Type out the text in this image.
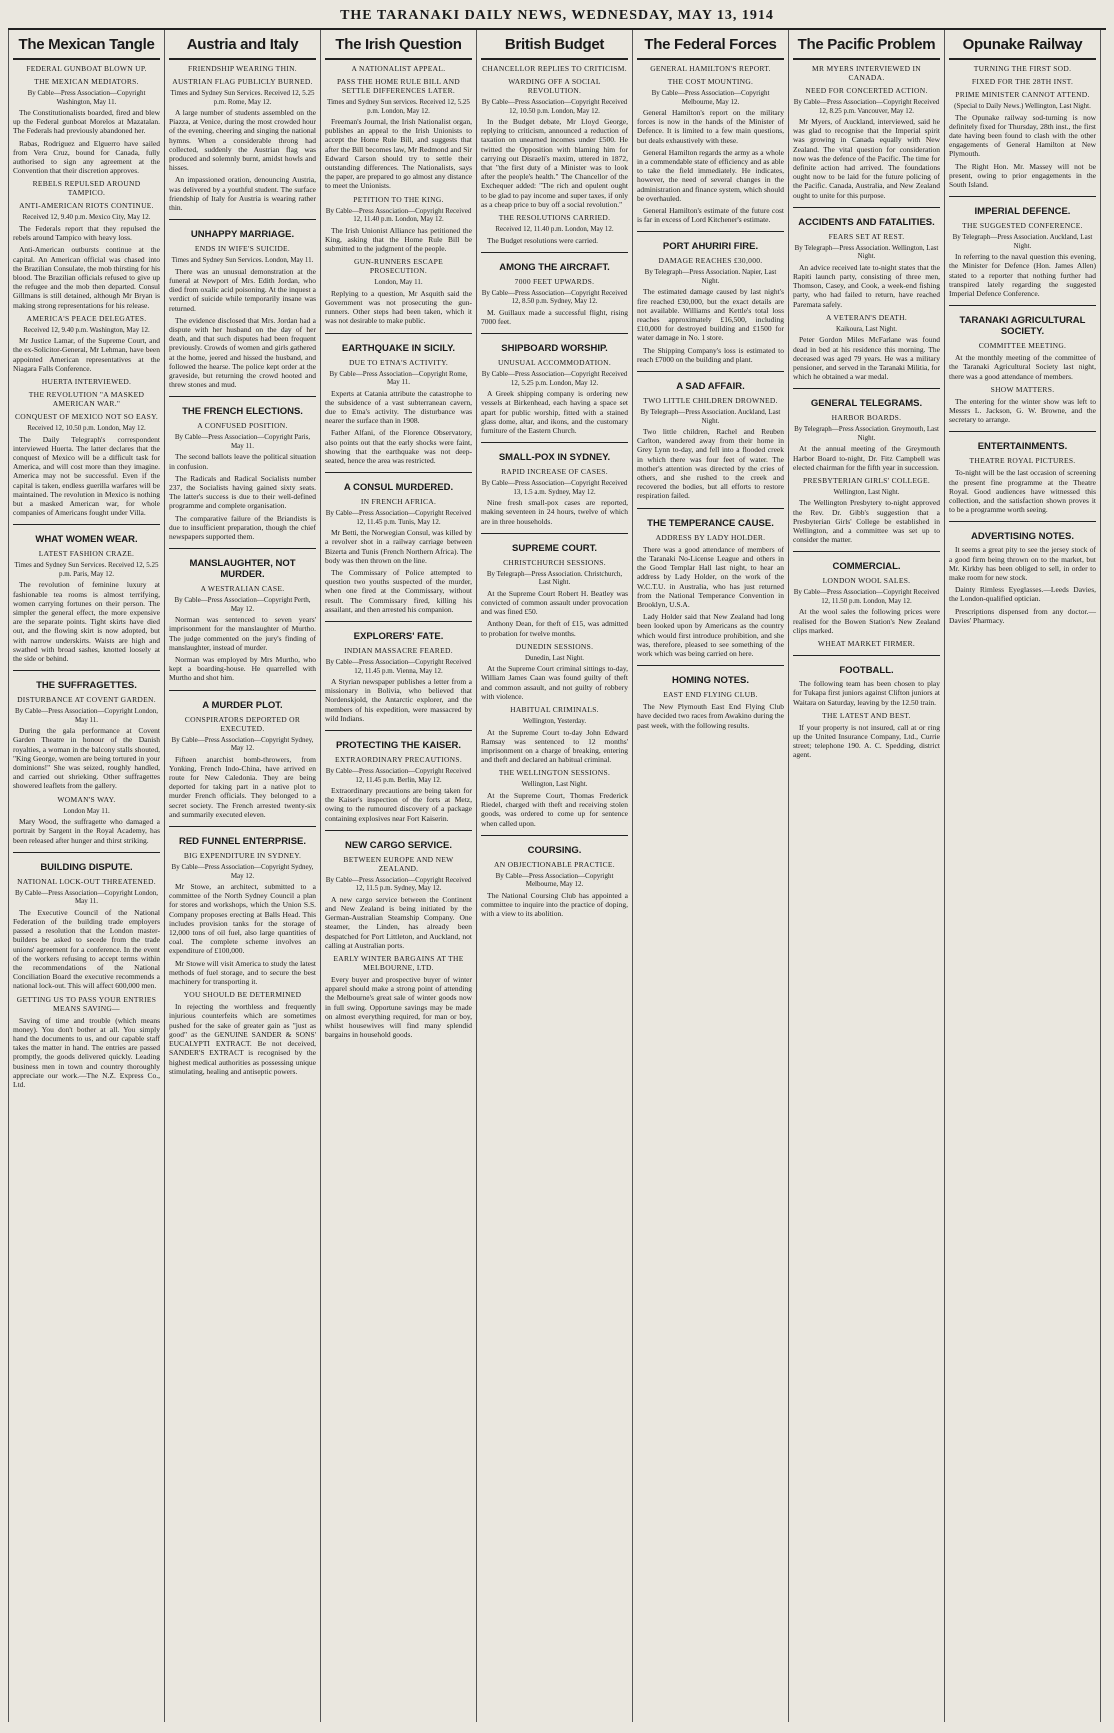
THE TARANAKI DAILY NEWS, WEDNESDAY, MAY 13, 1914
The Mexican Tangle
FEDERAL GUNBOAT BLOWN UP.
THE MEXICAN MEDIATORS.
By Cable—Press Association—Copyright Washington, May 11.
The Constitutionalists boarded, fired and blew up the Federal gunboat Morelos at Mazatalan. The Federals had previously abandoned her.
Rabas, Rodriguez and Elguerro have sailed from Vera Cruz, bound for Canada, fully authorised to sign any agreement at the Convention that their discretion approves.
REBELS REPULSED AROUND TAMPICO.
ANTI-AMERICAN RIOTS CONTINUE.
Received 12, 9.40 p.m. Mexico City, May 12.
The Federals report that they repulsed the rebels around Tampico with heavy loss.
Anti-American outbursts continue at the capital. An American official was chased into the Brazilian Consulate, the mob thirsting for his blood. The Brazilian officials refused to give up the refugee and the mob then departed. Consul Gillmans is still detained, although Mr Bryan is making strong representations for his release.
AMERICA'S PEACE DELEGATES.
Received 12, 9.40 p.m. Washington, May 12.
Mr Justice Lamar, of the Supreme Court, and the ex-Solicitor-General, Mr Lehman, have been appointed American representatives at the Niagara Falls Conference.
HUERTA INTERVIEWED.
THE REVOLUTION "A MASKED AMERICAN WAR."
CONQUEST OF MEXICO NOT SO EASY.
Received 12, 10.50 p.m. London, May 12.
The Daily Telegraph's correspondent interviewed Huerta. The latter declares that the conquest of Mexico will be a difficult task for America, and will cost more than they imagine. America may not be successful. Even if the capital is taken, endless guerilla warfares will be maintained. The revolution in Mexico is nothing but a masked American war, for whole companies of Americans fought under Villa.
WHAT WOMEN WEAR.
LATEST FASHION CRAZE.
Times and Sydney Sun Services. Received 12, 5.25 p.m. Paris, May 12.
The revolution of feminine luxury at fashionable tea rooms is almost terrifying, women carrying fortunes on their person. The simpler the general effect, the more expensive are the separate points. Tight skirts have died out, and the flowing skirt is now adopted, but with narrow underskirts. Waists are high and swathed with broad sashes, knotted loosely at the side or behind.
THE SUFFRAGETTES.
DISTURBANCE AT COVENT GARDEN.
By Cable—Press Association—Copyright London, May 11.
During the gala performance at Covent Garden Theatre in honour of the Danish royalties, a woman in the balcony stalls shouted, "King George, women are being tortured in your dominions!" She was seized, roughly handled, and carried out shrieking. Other suffragettes showered leaflets from the gallery.
WOMAN'S WAY.
London May 11.
Mary Wood, the suffragette who damaged a portrait by Sargent in the Royal Academy, has been released after hunger and thirst striking.
BUILDING DISPUTE.
NATIONAL LOCK-OUT THREATENED.
By Cable—Press Association—Copyright London, May 11.
The Executive Council of the National Federation of the building trade employers passed a resolution that the London master-builders be asked to secede from the trade unions' agreement for a conference. In the event of the workers refusing to accept terms within the recommendations of the National Conciliation Board the executive recommends a national lock-out. This will affect 600,000 men.
GETTING US TO PASS YOUR ENTRIES MEANS SAVING—
Saving of time and trouble (which means money). You don't bother at all. You simply hand the documents to us, and our capable staff takes the matter in hand. The entries are passed promptly, the goods delivered quickly. Leading business men in town and country thoroughly appreciate our work.—The N.Z. Express Co., Ltd.
Austria and Italy
FRIENDSHIP WEARING THIN.
AUSTRIAN FLAG PUBLICLY BURNED.
Times and Sydney Sun Services. Received 12, 5.25 p.m. Rome, May 12.
A large number of students assembled on the Piazza, at Venice, during the most crowded hour of the evening, cheering and singing the national hymns. When a considerable throng had collected, suddenly the Austrian flag was produced and solemnly burnt, amidst howls and hisses.
An impassioned oration, denouncing Austria, was delivered by a youthful student. The surface friendship of Italy for Austria is wearing rather thin.
UNHAPPY MARRIAGE.
ENDS IN WIFE'S SUICIDE.
Times and Sydney Sun Services. London, May 11.
There was an unusual demonstration at the funeral at Newport of Mrs. Edith Jordan, who died from oxalic acid poisoning. At the inquest a verdict of suicide while temporarily insane was returned.
The evidence disclosed that Mrs. Jordan had a dispute with her husband on the day of her death, and that such disputes had been frequent previously. Crowds of women and girls gathered at the home, jeered and hissed the husband, and followed the hearse. The police kept order at the graveside, but returning the crowd hooted and threw stones and mud.
THE FRENCH ELECTIONS.
A CONFUSED POSITION.
By Cable—Press Association—Copyright Paris, May 11.
The second ballots leave the political situation in confusion.
The Radicals and Radical Socialists number 237, the Socialists having gained sixty seats. The latter's success is due to their well-defined programme and complete organisation.
The comparative failure of the Briandists is due to insufficient preparation, though the chief newspapers supported them.
MANSLAUGHTER, NOT MURDER.
A WESTRALIAN CASE.
By Cable—Press Association—Copyright Perth, May 12.
Norman was sentenced to seven years' imprisonment for the manslaughter of Murtho. The judge commented on the jury's finding of manslaughter, instead of murder.
Norman was employed by Mrs Murtho, who kept a boarding-house. He quarrelled with Murtho and shot him.
A MURDER PLOT.
CONSPIRATORS DEPORTED OR EXECUTED.
By Cable—Press Association—Copyright Sydney, May 12.
Fifteen anarchist bomb-throwers, from Yonking, French Indo-China, have arrived en route for New Caledonia. They are being deported for taking part in a native plot to murder French officials. They belonged to a secret society. The French arrested twenty-six and summarily executed eleven.
RED FUNNEL ENTERPRISE.
BIG EXPENDITURE IN SYDNEY.
By Cable—Press Association—Copyright Sydney, May 12.
Mr Stowe, an architect, submitted to a committee of the North Sydney Council a plan for stores and workshops, which the Union S.S. Company proposes erecting at Balls Head. This includes provision tanks for the storage of 12,000 tons of oil fuel, also large quantities of coal. The complete scheme involves an expenditure of £100,000.
Mr Stowe will visit America to study the latest methods of fuel storage, and to secure the best machinery for transporting it.
YOU SHOULD BE DETERMINED
In rejecting the worthless and frequently injurious counterfeits which are sometimes pushed for the sake of greater gain as "just as good" as the GENUINE SANDER & SONS' EUCALYPTI EXTRACT. Be not deceived, SANDER'S EXTRACT is recognised by the highest medical authorities as possessing unique stimulating, healing and antiseptic powers.
The Irish Question
A NATIONALIST APPEAL.
PASS THE HOME RULE BILL AND SETTLE DIFFERENCES LATER.
Times and Sydney Sun services. Received 12, 5.25 p.m. London, May 12.
Freeman's Journal, the Irish Nationalist organ, publishes an appeal to the Irish Unionists to accept the Home Rule Bill, and suggests that after the Bill becomes law, Mr Redmond and Sir Edward Carson should try to settle their outstanding differences. The Nationalists, says the paper, are prepared to go almost any distance to meet the Unionists.
PETITION TO THE KING.
By Cable—Press Association—Copyright Received 12, 11.40 p.m. London, May 12.
The Irish Unionist Alliance has petitioned the King, asking that the Home Rule Bill be submitted to the judgment of the people.
GUN-RUNNERS ESCAPE PROSECUTION.
London, May 11.
Replying to a question, Mr Asquith said the Government was not prosecuting the gun-runners. Other steps had been taken, which it was not desirable to make public.
EARTHQUAKE IN SICILY.
DUE TO ETNA'S ACTIVITY.
By Cable—Press Association—Copyright Rome, May 11.
Experts at Catania attribute the catastrophe to the subsidence of a vast subterranean cavern, due to Etna's activity. The disturbance was nearer the surface than in 1908.
Father Alfani, of the Florence Observatory, also points out that the early shocks were faint, showing that the earthquake was not deep-seated, hence the area was restricted.
A CONSUL MURDERED.
IN FRENCH AFRICA.
By Cable—Press Association—Copyright Received 12, 11.45 p.m. Tunis, May 12.
Mr Betti, the Norwegian Consul, was killed by a revolver shot in a railway carriage between Bizerta and Tunis (French Northern Africa). The body was then thrown on the line.
The Commissary of Police attempted to question two youths suspected of the murder, when one fired at the Commissary, without result. The Commissary fired, killing his assailant, and then arrested his companion.
EXPLORERS' FATE.
INDIAN MASSACRE FEARED.
By Cable—Press Association—Copyright Received 12, 11.45 p.m. Vienna, May 12.
A Styrian newspaper publishes a letter from a missionary in Bolivia, who believed that Nordenskjold, the Antarctic explorer, and the members of his expedition, were massacred by wild Indians.
PROTECTING THE KAISER.
EXTRAORDINARY PRECAUTIONS.
By Cable—Press Association—Copyright Received 12, 11.45 p.m. Berlin, May 12.
Extraordinary precautions are being taken for the Kaiser's inspection of the forts at Metz, owing to the rumoured discovery of a package containing explosives near Fort Kaiserin.
NEW CARGO SERVICE.
BETWEEN EUROPE AND NEW ZEALAND.
By Cable—Press Association—Copyright Received 12, 11.5 p.m. Sydney, May 12.
A new cargo service between the Continent and New Zealand is being initiated by the German-Australian Steamship Company. One steamer, the Linden, has already been despatched for Port Littleton, and Auckland, not calling at Australian ports.
EARLY WINTER BARGAINS AT THE MELBOURNE, LTD.
Every buyer and prospective buyer of winter apparel should make a strong point of attending the Melbourne's great sale of winter goods now in full swing. Opportune savings may be made on almost everything required, for man or boy, whilst housewives will find many splendid bargains in household goods.
British Budget
CHANCELLOR REPLIES TO CRITICISM.
WARDING OFF A SOCIAL REVOLUTION.
By Cable—Press Association—Copyright Received 12, 10.50 p.m. London, May 12.
In the Budget debate, Mr Lloyd George, replying to criticism, announced a reduction of taxation on unearned incomes under £500. He twitted the Opposition with blaming him for carrying out Disraeli's maxim, uttered in 1872, that "the first duty of a Minister was to look after the people's health." The Chancellor of the Exchequer added: "The rich and opulent ought to be glad to pay income and super taxes, if only as a cheap price to buy off a social revolution."
THE RESOLUTIONS CARRIED.
Received 12, 11.40 p.m. London, May 12.
The Budget resolutions were carried.
AMONG THE AIRCRAFT.
7000 FEET UPWARDS.
By Cable—Press Association—Copyright Received 12, 8.50 p.m. Sydney, May 12.
M. Guillaux made a successful flight, rising 7000 feet.
SHIPBOARD WORSHIP.
UNUSUAL ACCOMMODATION.
By Cable—Press Association—Copyright Received 12, 5.25 p.m. London, May 12.
A Greek shipping company is ordering new vessels at Birkenhead, each having a space set apart for public worship, fitted with a stained glass dome, altar, and ikons, and the customary furniture of the Eastern Church.
SMALL-POX IN SYDNEY.
RAPID INCREASE OF CASES.
By Cable—Press Association—Copyright Received 13, 1.5 a.m. Sydney, May 12.
Nine fresh small-pox cases are reported, making seventeen in 24 hours, twelve of which are in three households.
SUPREME COURT.
CHRISTCHURCH SESSIONS.
By Telegraph—Press Association. Christchurch, Last Night.
At the Supreme Court Robert H. Beatley was convicted of common assault under provocation and was fined £50.
Anthony Dean, for theft of £15, was admitted to probation for twelve months.
DUNEDIN SESSIONS.
Dunedin, Last Night.
At the Supreme Court criminal sittings to-day, William James Caan was found guilty of theft and common assault, and not guilty of robbery with violence.
HABITUAL CRIMINALS.
Wellington, Yesterday.
At the Supreme Court to-day John Edward Ramsay was sentenced to 12 months' imprisonment on a charge of breaking, entering and theft and declared an habitual criminal.
THE WELLINGTON SESSIONS.
Wellington, Last Night.
At the Supreme Court, Thomas Frederick Riedel, charged with theft and receiving stolen goods, was ordered to come up for sentence when called upon.
COURSING.
AN OBJECTIONABLE PRACTICE.
By Cable—Press Association—Copyright Melbourne, May 12.
The National Coursing Club has appointed a committee to inquire into the practice of doping, with a view to its abolition.
The Federal Forces
GENERAL HAMILTON'S REPORT.
THE COST MOUNTING.
By Cable—Press Association—Copyright Melbourne, May 12.
General Hamilton's report on the military forces is now in the hands of the Minister of Defence. It is limited to a few main questions, but deals exhaustively with these.
General Hamilton regards the army as a whole in a commendable state of efficiency and as able to take the field immediately. He indicates, however, the need of several changes in the administration and finance system, which should be overhauled.
General Hamilton's estimate of the future cost is far in excess of Lord Kitchener's estimate.
PORT AHURIRI FIRE.
DAMAGE REACHES £30,000.
By Telegraph—Press Association. Napier, Last Night.
The estimated damage caused by last night's fire reached £30,000, but the exact details are not available. Williams and Kettle's total loss reaches approximately £16,500, including £10,000 for destroyed building and £1500 for water damage in No. 1 store.
The Shipping Company's loss is estimated to reach £7000 on the building and plant.
A SAD AFFAIR.
TWO LITTLE CHILDREN DROWNED.
By Telegraph—Press Association. Auckland, Last Night.
Two little children, Rachel and Reuben Carlton, wandered away from their home in Grey Lynn to-day, and fell into a flooded creek in which there was four feet of water. The mother's attention was directed by the cries of others, and she rushed to the creek and recovered the bodies, but all efforts to restore respiration failed.
THE TEMPERANCE CAUSE.
ADDRESS BY LADY HOLDER.
There was a good attendance of members of the Taranaki No-License League and others in the Good Templar Hall last night, to hear an address by Lady Holder, on the work of the W.C.T.U. in Australia, who has just returned from the National Temperance Convention in Brooklyn, U.S.A.
Lady Holder said that New Zealand had long been looked upon by Americans as the country which would first introduce prohibition, and she was, therefore, pleased to see something of the work which was being carried on here.
HOMING NOTES.
EAST END FLYING CLUB.
The New Plymouth East End Flying Club have decided two races from Awakino during the past week, with the following results.
The Pacific Problem
MR MYERS INTERVIEWED IN CANADA.
NEED FOR CONCERTED ACTION.
By Cable—Press Association—Copyright Received 12, 8.25 p.m. Vancouver, May 12.
Mr Myers, of Auckland, interviewed, said he was glad to recognise that the Imperial spirit was growing in Canada equally with New Zealand. The vital question for consideration now was the defence of the Pacific. The time for definite action had arrived. The foundations ought now to be laid for the future policing of the Pacific. Canada, Australia, and New Zealand ought to unite for this purpose.
ACCIDENTS AND FATALITIES.
FEARS SET AT REST.
By Telegraph—Press Association. Wellington, Last Night.
An advice received late to-night states that the Rapiti launch party, consisting of three men, Thomson, Casey, and Cook, a week-end fishing party, who had failed to return, have reached Paremata safely.
A VETERAN'S DEATH.
Kaikoura, Last Night.
Peter Gordon Miles McFarlane was found dead in bed at his residence this morning. The deceased was aged 79 years. He was a military pensioner, and served in the Taranaki Militia, for which he obtained a war medal.
GENERAL TELEGRAMS.
HARBOR BOARDS.
By Telegraph—Press Association. Greymouth, Last Night.
At the annual meeting of the Greymouth Harbor Board to-night, Dr. Fitz Campbell was elected chairman for the fifth year in succession.
PRESBYTERIAN GIRLS' COLLEGE.
Wellington, Last Night.
The Wellington Presbytery to-night approved the Rev. Dr. Gibb's suggestion that a Presbyterian Girls' College be established in Wellington, and a committee was set up to consider the matter.
COMMERCIAL.
LONDON WOOL SALES.
By Cable—Press Association—Copyright Received 12, 11.50 p.m. London, May 12.
At the wool sales the following prices were realised for the Bowen Station's New Zealand clips marked.
WHEAT MARKET FIRMER.
FOOTBALL.
The following team has been chosen to play for Tukapa first juniors against Clifton juniors at Waitara on Saturday, leaving by the 12.50 train.
THE LATEST AND BEST.
If your property is not insured, call at or ring up the United Insurance Company, Ltd., Currie street; telephone 190. A. C. Spedding, district agent.
Opunake Railway
TURNING THE FIRST SOD.
FIXED FOR THE 28TH INST.
PRIME MINISTER CANNOT ATTEND.
(Special to Daily News.) Wellington, Last Night.
The Opunake railway sod-turning is now definitely fixed for Thursday, 28th inst., the first date having been found to clash with the other engagements of General Hamilton at New Plymouth.
The Right Hon. Mr. Massey will not be present, owing to prior engagements in the South Island.
IMPERIAL DEFENCE.
THE SUGGESTED CONFERENCE.
By Telegraph—Press Association. Auckland, Last Night.
In referring to the naval question this evening, the Minister for Defence (Hon. James Allen) stated to a reporter that nothing further had transpired lately regarding the suggested Imperial Defence Conference.
TARANAKI AGRICULTURAL SOCIETY.
COMMITTEE MEETING.
At the monthly meeting of the committee of the Taranaki Agricultural Society last night, there was a good attendance of members.
SHOW MATTERS.
The entering for the winter show was left to Messrs L. Jackson, G. W. Browne, and the secretary to arrange.
ENTERTAINMENTS.
THEATRE ROYAL PICTURES.
To-night will be the last occasion of screening the present fine programme at the Theatre Royal. Good audiences have witnessed this collection, and the satisfaction shown proves it to be a programme worth seeing.
ADVERTISING NOTES.
It seems a great pity to see the jersey stock of a good firm being thrown on to the market, but Mr. Kirkby has been obliged to sell, in order to make room for new stock.
Dainty Rimless Eyeglasses.—Leeds Davies, the London-qualified optician.
Prescriptions dispensed from any doctor.—Davies' Pharmacy.
